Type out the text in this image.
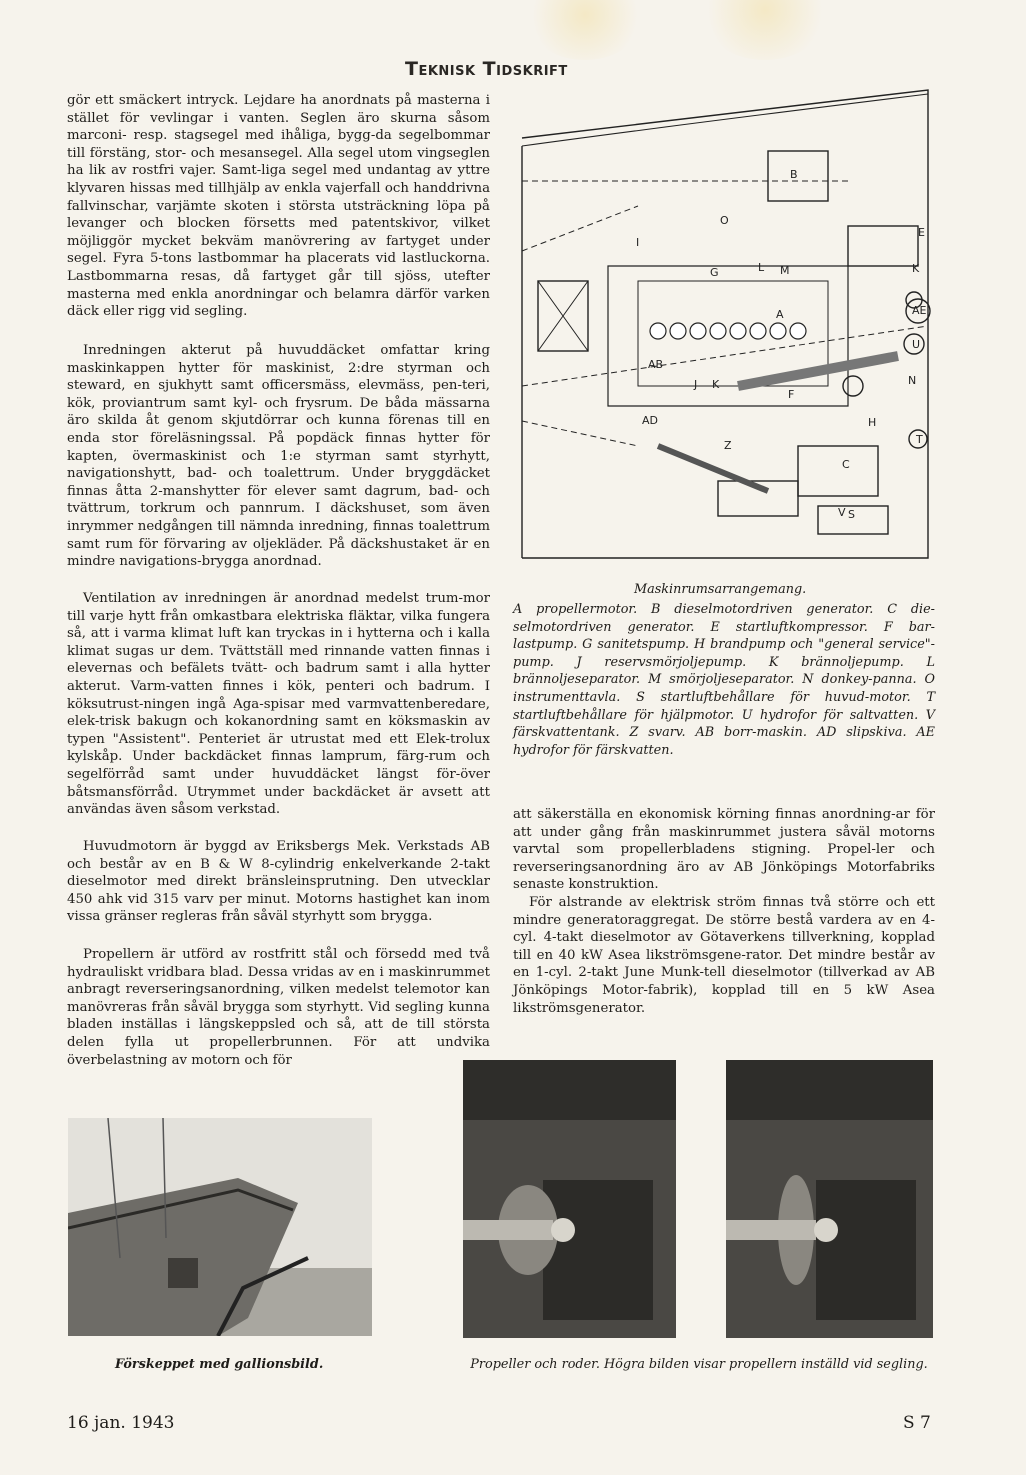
Teknisk Tidskrift
gör ett smäckert intryck. Lejdare ha anordnats på masterna i stället för vevlingar i vanten. Seglen äro skurna såsom marconi- resp. stagsegel med ihåliga, bygg-da segelbommar till förstäng, stor- och mesansegel. Alla segel utom vingseglen ha lik av rostfri vajer. Samt-liga segel med undantag av yttre klyvaren hissas med tillhjälp av enkla vajerfall och handdrivna fallvinschar, varjämte skoten i största utsträckning löpa på levanger och blocken försetts med patentskivor, vilket möjliggör mycket bekväm manövrering av fartyget under segel. Fyra 5-tons lastbommar ha placerats vid lastluckorna. Lastbommarna resas, då fartyget går till sjöss, utefter masterna med enkla anordningar och belamra därför varken däck eller rigg vid segling.
Inredningen akterut på huvuddäcket omfattar kring maskinkappen hytter för maskinist, 2:dre styrman och steward, en sjukhytt samt officersmäss, elevmäss, pen-teri, kök, proviantrum samt kyl- och frysrum. De båda mässarna äro skilda åt genom skjutdörrar och kunna förenas till en enda stor föreläsningssal. På popdäck finnas hytter för kapten, övermaskinist och 1:e styrman samt styrhytt, navigationshytt, bad- och toalettrum. Under bryggdäcket finnas åtta 2-manshytter för elever samt dagrum, bad- och tvättrum, torkrum och pannrum. I däckshuset, som även inrymmer nedgången till nämnda inredning, finnas toalettrum samt rum för förvaring av oljekläder. På däckshustaket är en mindre navigations-brygga anordnad.
Ventilation av inredningen är anordnad medelst trum-mor till varje hytt från omkastbara elektriska fläktar, vilka fungera så, att i varma klimat luft kan tryckas in i hytterna och i kalla klimat sugas ur dem. Tvättställ med rinnande vatten finnas i elevernas och befälets tvätt- och badrum samt i alla hytter akterut. Varm-vatten finnes i kök, penteri och badrum. I köksutrust-ningen ingå Aga-spisar med varmvattenberedare, elek-trisk bakugn och kokanordning samt en köksmaskin av typen "Assistent". Penteriet är utrustat med ett Elek-trolux kylskåp. Under backdäcket finnas lamprum, färg-rum och segelförråd samt under huvuddäcket längst för-över båtsmansförråd. Utrymmet under backdäcket är avsett att användas även såsom verkstad.
Huvudmotorn är byggd av Eriksbergs Mek. Verkstads AB och består av en B & W 8-cylindrig enkelverkande 2-takt dieselmotor med direkt bränsleinsprutning. Den utvecklar 450 ahk vid 315 varv per minut. Motorns hastighet kan inom vissa gränser regleras från såväl styrhytt som brygga.
Propellern är utförd av rostfritt stål och försedd med två hydrauliskt vridbara blad. Dessa vridas av en i maskinrummet anbragt reverseringsanordning, vilken medelst telemotor kan manövreras från såväl brygga som styrhytt. Vid segling kunna bladen inställas i längskeppsled och så, att de till största delen fylla ut propellerbrunnen. För att undvika överbelastning av motorn och för
B
O
I
E
G	L M	K
A	AE
U
AB
N
J K
F
H
AD
Z
C
S
T
V
Maskinrumsarrangemang.
A propellermotor. B dieselmotordriven generator. C die-selmotordriven generator. E startluftkompressor. F bar-lastpump. G sanitetspump. H brandpump och "general service"-pump. J reservsmörjoljepump. K brännoljepump. L brännoljeseparator. M smörjoljeseparator. N donkey-panna. O instrumenttavla. S startluftbehållare för huvud-motor. T startluftbehållare för hjälpmotor. U hydrofor för saltvatten. V färskvattentank. Z svarv. AB borr-maskin. AD slipskiva. AE hydrofor för färskvatten.
att säkerställa en ekonomisk körning finnas anordning-ar för att under gång från maskinrummet justera såväl motorns varvtal som propellerbladens stigning. Propel-ler och reverseringsanordning äro av AB Jönköpings Motorfabriks senaste konstruktion.
För alstrande av elektrisk ström finnas två större och ett mindre generatoraggregat. De större bestå vardera av en 4-cyl. 4-takt dieselmotor av Götaverkens tillverkning, kopplad till en 40 kW Asea likströmsgene-rator. Det mindre består av en 1-cyl. 2-takt June Munk-tell dieselmotor (tillverkad av AB Jönköpings Motor-fabrik), kopplad till en 5 kW Asea likströmsgenerator.
Förskeppet med gallionsbild.	Propeller och roder. Högra bilden visar propellern inställd vid segling.
16 jan. 1943	S 7
